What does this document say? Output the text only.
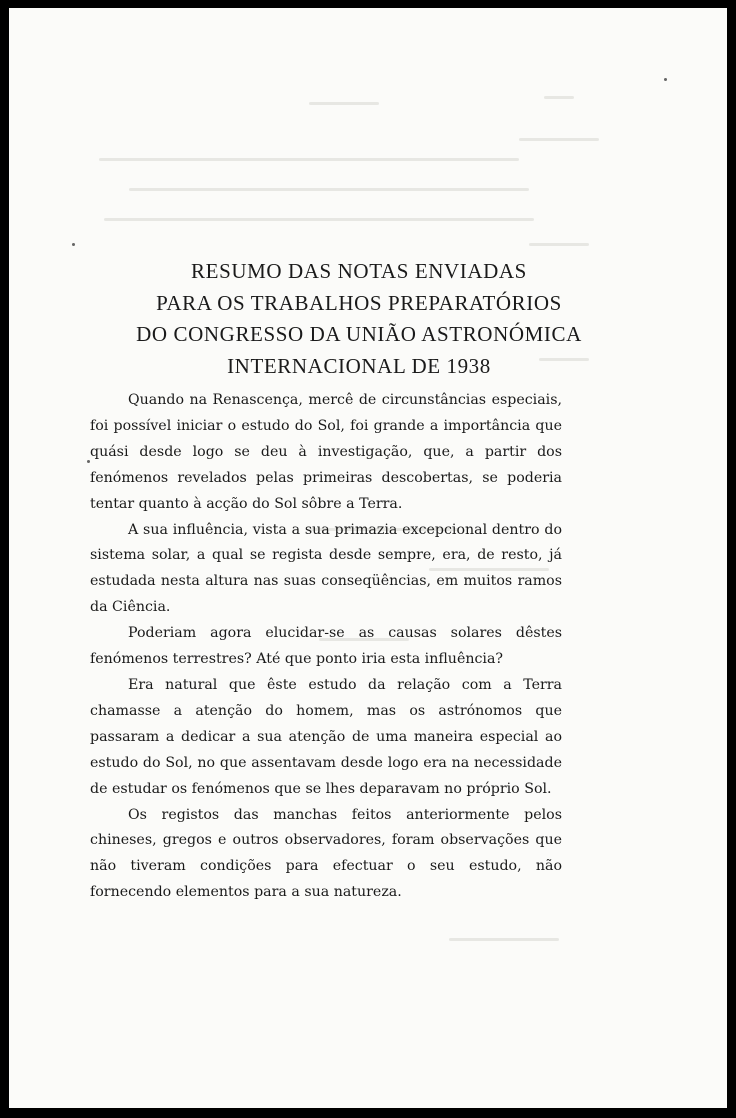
RESUMO DAS NOTAS ENVIADAS
PARA OS TRABALHOS PREPARATÓRIOS
DO CONGRESSO DA UNIÃO ASTRONÓMICA
INTERNACIONAL DE 1938

Quando na Renascença, mercê de circunstâncias especiais, foi possível iniciar o estudo do Sol, foi grande a importância que quási desde logo se deu à investigação, que, a partir dos fenómenos revelados pelas primeiras descobertas, se poderia tentar quanto à acção do Sol sôbre a Terra.

A sua influência, vista a sua primazia excepcional dentro do sistema solar, a qual se regista desde sempre, era, de resto, já estudada nesta altura nas suas conseqüências, em muitos ramos da Ciência.

Poderiam agora elucidar-se as causas solares dêstes fenómenos terrestres? Até que ponto iria esta influência?

Era natural que êste estudo da relação com a Terra chamasse a atenção do homem, mas os astrónomos que passaram a dedicar a sua atenção de uma maneira especial ao estudo do Sol, no que assentavam desde logo era na necessidade de estudar os fenómenos que se lhes deparavam no próprio Sol.

Os registos das manchas feitos anteriormente pelos chineses, gregos e outros observadores, foram observações que não tiveram condições para efectuar o seu estudo, não fornecendo elementos para a sua natureza.
